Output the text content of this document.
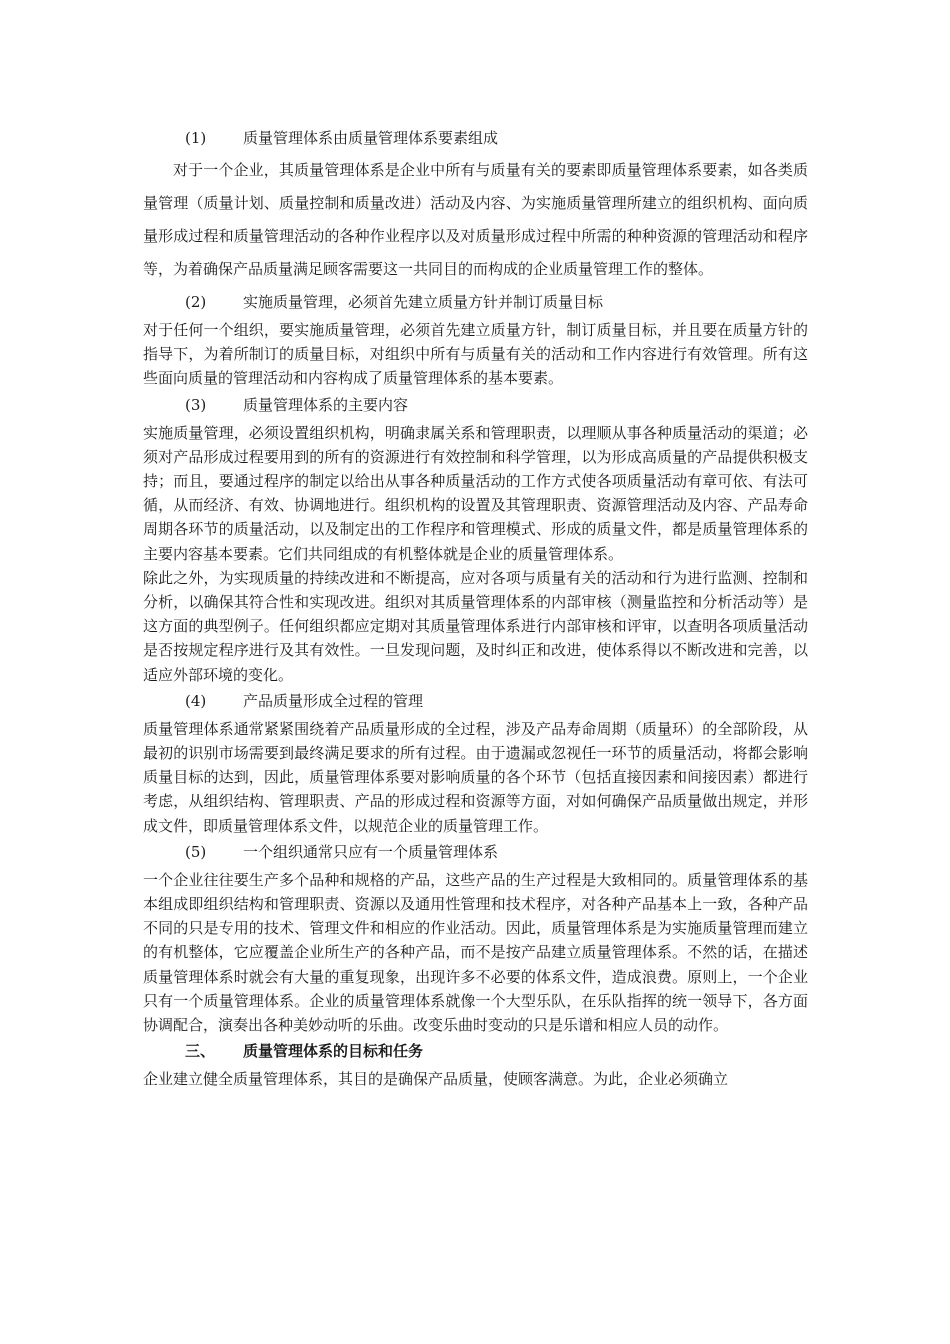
(1)	质量管理体系由质量管理体系要素组成

对于一个企业，其质量管理体系是企业中所有与质量有关的要素即质量管理体系要素，如各类质量管理（质量计划、质量控制和质量改进）活动及内容、为实施质量管理所建立的组织机构、面向质量形成过程和质量管理活动的各种作业程序以及对质量形成过程中所需的种种资源的管理活动和程序等，为着确保产品质量满足顾客需要这一共同目的而构成的企业质量管理工作的整体。

(2)	实施质量管理，必须首先建立质量方针并制订质量目标

对于任何一个组织，要实施质量管理，必须首先建立质量方针，制订质量目标，并且要在质量方针的指导下，为着所制订的质量目标，对组织中所有与质量有关的活动和工作内容进行有效管理。所有这些面向质量的管理活动和内容构成了质量管理体系的基本要素。

(3)	质量管理体系的主要内容

实施质量管理，必须设置组织机构，明确隶属关系和管理职责，以理顺从事各种质量活动的渠道；必须对产品形成过程要用到的所有的资源进行有效控制和科学管理，以为形成高质量的产品提供积极支持；而且，要通过程序的制定以给出从事各种质量活动的工作方式使各项质量活动有章可依、有法可循，从而经济、有效、协调地进行。组织机构的设置及其管理职责、资源管理活动及内容、产品寿命周期各环节的质量活动，以及制定出的工作程序和管理模式、形成的质量文件，都是质量管理体系的主要内容基本要素。它们共同组成的有机整体就是企业的质量管理体系。

除此之外，为实现质量的持续改进和不断提高，应对各项与质量有关的活动和行为进行监测、控制和分析，以确保其符合性和实现改进。组织对其质量管理体系的内部审核（测量监控和分析活动等）是这方面的典型例子。任何组织都应定期对其质量管理体系进行内部审核和评审，以查明各项质量活动是否按规定程序进行及其有效性。一旦发现问题，及时纠正和改进，使体系得以不断改进和完善，以适应外部环境的变化。

(4)	产品质量形成全过程的管理

质量管理体系通常紧紧围绕着产品质量形成的全过程，涉及产品寿命周期（质量环）的全部阶段，从最初的识别市场需要到最终满足要求的所有过程。由于遗漏或忽视任一环节的质量活动，将都会影响质量目标的达到，因此，质量管理体系要对影响质量的各个环节（包括直接因素和间接因素）都进行考虑，从组织结构、管理职责、产品的形成过程和资源等方面，对如何确保产品质量做出规定，并形成文件，即质量管理体系文件，以规范企业的质量管理工作。

(5)	一个组织通常只应有一个质量管理体系

一个企业往往要生产多个品种和规格的产品，这些产品的生产过程是大致相同的。质量管理体系的基本组成即组织结构和管理职责、资源以及通用性管理和技术程序，对各种产品基本上一致，各种产品不同的只是专用的技术、管理文件和相应的作业活动。因此，质量管理体系是为实施质量管理而建立的有机整体，它应覆盖企业所生产的各种产品，而不是按产品建立质量管理体系。不然的话，在描述质量管理体系时就会有大量的重复现象，出现许多不必要的体系文件，造成浪费。原则上，一个企业只有一个质量管理体系。企业的质量管理体系就像一个大型乐队，在乐队指挥的统一领导下，各方面协调配合，演奏出各种美妙动听的乐曲。改变乐曲时变动的只是乐谱和相应人员的动作。

三、	质量管理体系的目标和任务

企业建立健全质量管理体系，其目的是确保产品质量，使顾客满意。为此，企业必须确立
